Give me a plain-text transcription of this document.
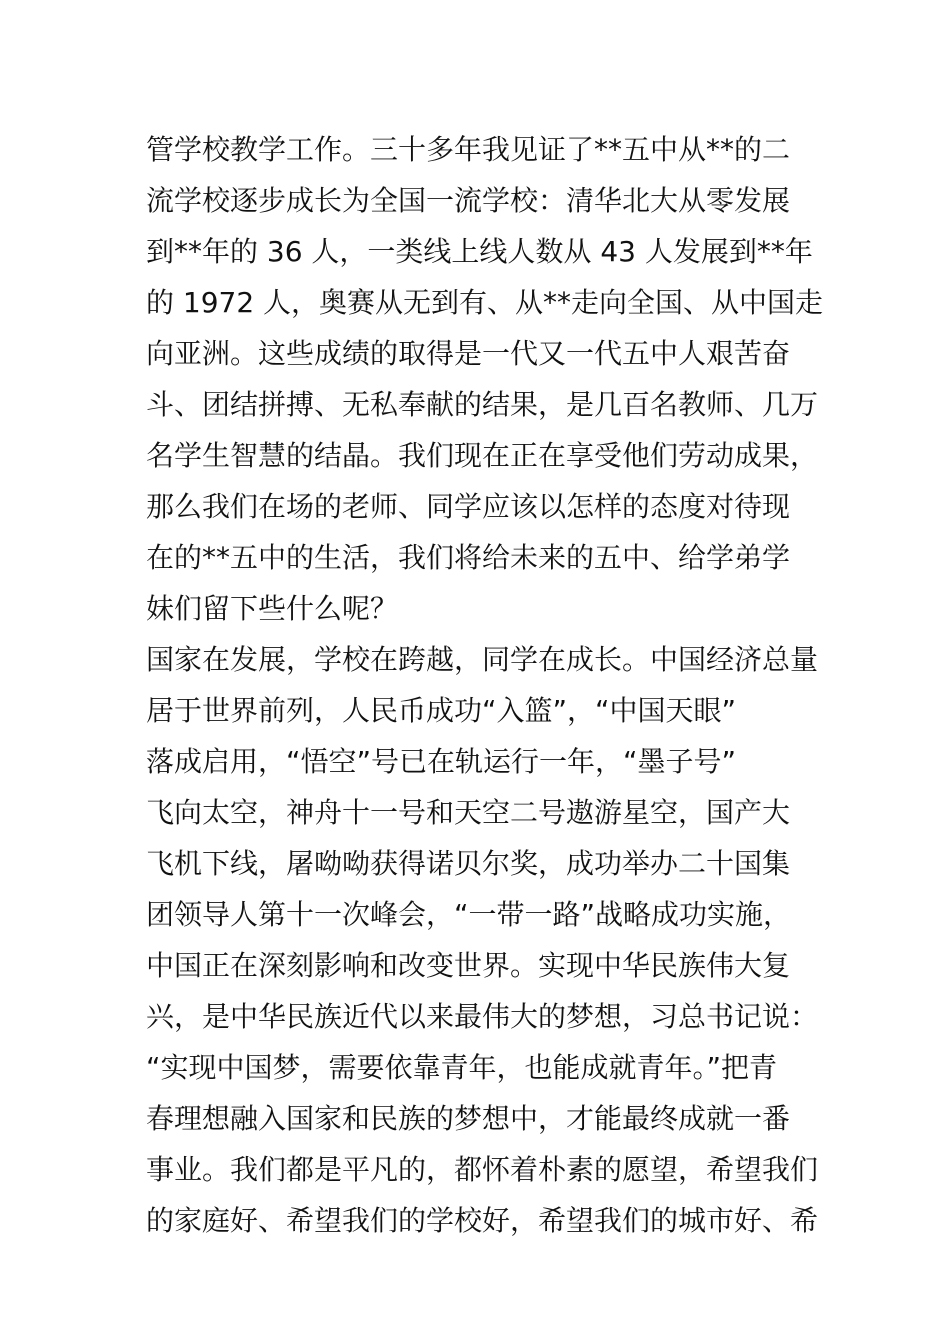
管学校教学工作。三十多年我见证了**五中从**的二
流学校逐步成长为全国一流学校：清华北大从零发展
到**年的 36 人，一类线上线人数从 43 人发展到**年
的 1972 人，奥赛从无到有、从**走向全国、从中国走
向亚洲。这些成绩的取得是一代又一代五中人艰苦奋
斗、团结拼搏、无私奉献的结果，是几百名教师、几万
名学生智慧的结晶。我们现在正在享受他们劳动成果，
那么我们在场的老师、同学应该以怎样的态度对待现
在的**五中的生活，我们将给未来的五中、给学弟学
妹们留下些什么呢？
国家在发展，学校在跨越，同学在成长。中国经济总量
居于世界前列，人民币成功“入篮”，“中国天眼”
落成启用，“悟空”号已在轨运行一年，“墨子号”
飞向太空，神舟十一号和天空二号遨游星空，国产大
飞机下线，屠呦呦获得诺贝尔奖，成功举办二十国集
团领导人第十一次峰会，“一带一路”战略成功实施，
中国正在深刻影响和改变世界。实现中华民族伟大复
兴，是中华民族近代以来最伟大的梦想，习总书记说：
“实现中国梦，需要依靠青年，也能成就青年。”把青
春理想融入国家和民族的梦想中，才能最终成就一番
事业。我们都是平凡的，都怀着朴素的愿望，希望我们
的家庭好、希望我们的学校好，希望我们的城市好、希
